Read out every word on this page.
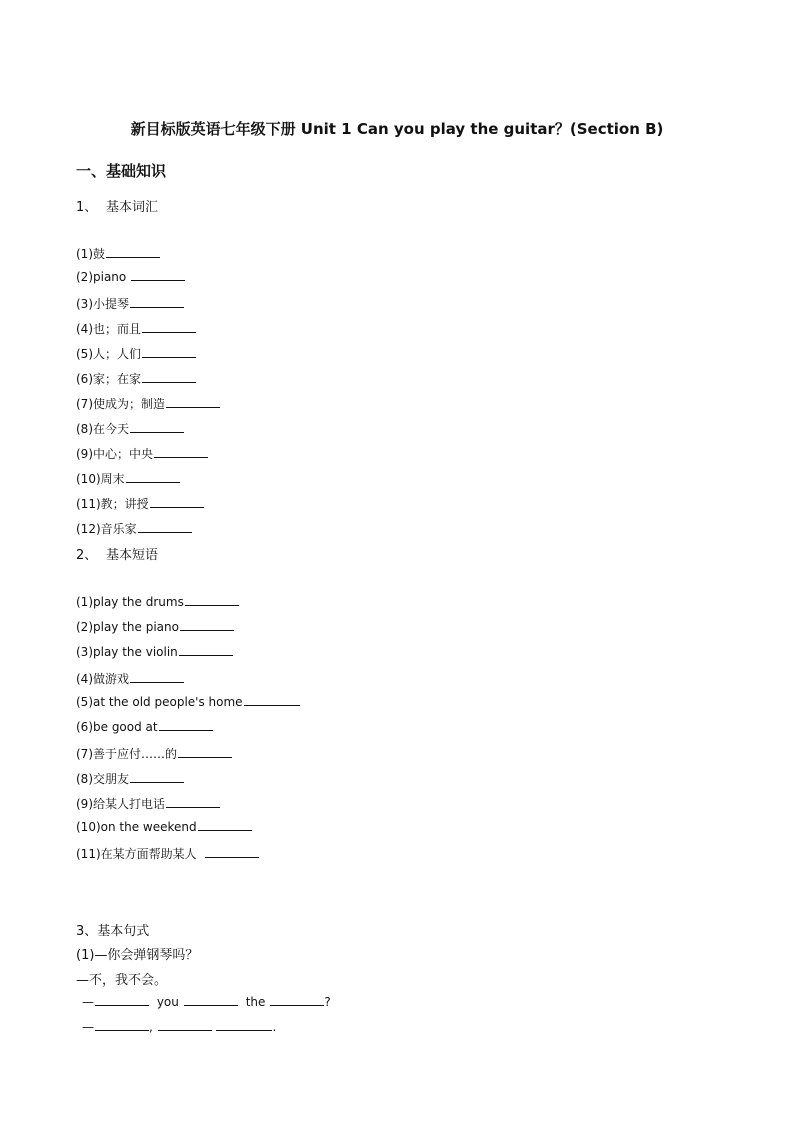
新目标版英语七年级下册 Unit 1 Can you play the guitar？(Section B)
一、基础知识
1、 基本词汇
(1)鼓
(2)piano
(3)小提琴
(4)也；而且
(5)人；人们
(6)家；在家
(7)使成为；制造
(8)在今天
(9)中心；中央
(10)周末
(11)教；讲授
(12)音乐家
2、 基本短语
(1)play the drums
(2)play the piano
(3)play the violin
(4)做游戏
(5)at the old people's home
(6)be good at
(7)善于应付……的
(8)交朋友
(9)给某人打电话
(10)on the weekend
(11)在某方面帮助某人
3、基本句式
(1)—你会弹钢琴吗？
—不，我不会。
—	you	the	?
—	,	.
